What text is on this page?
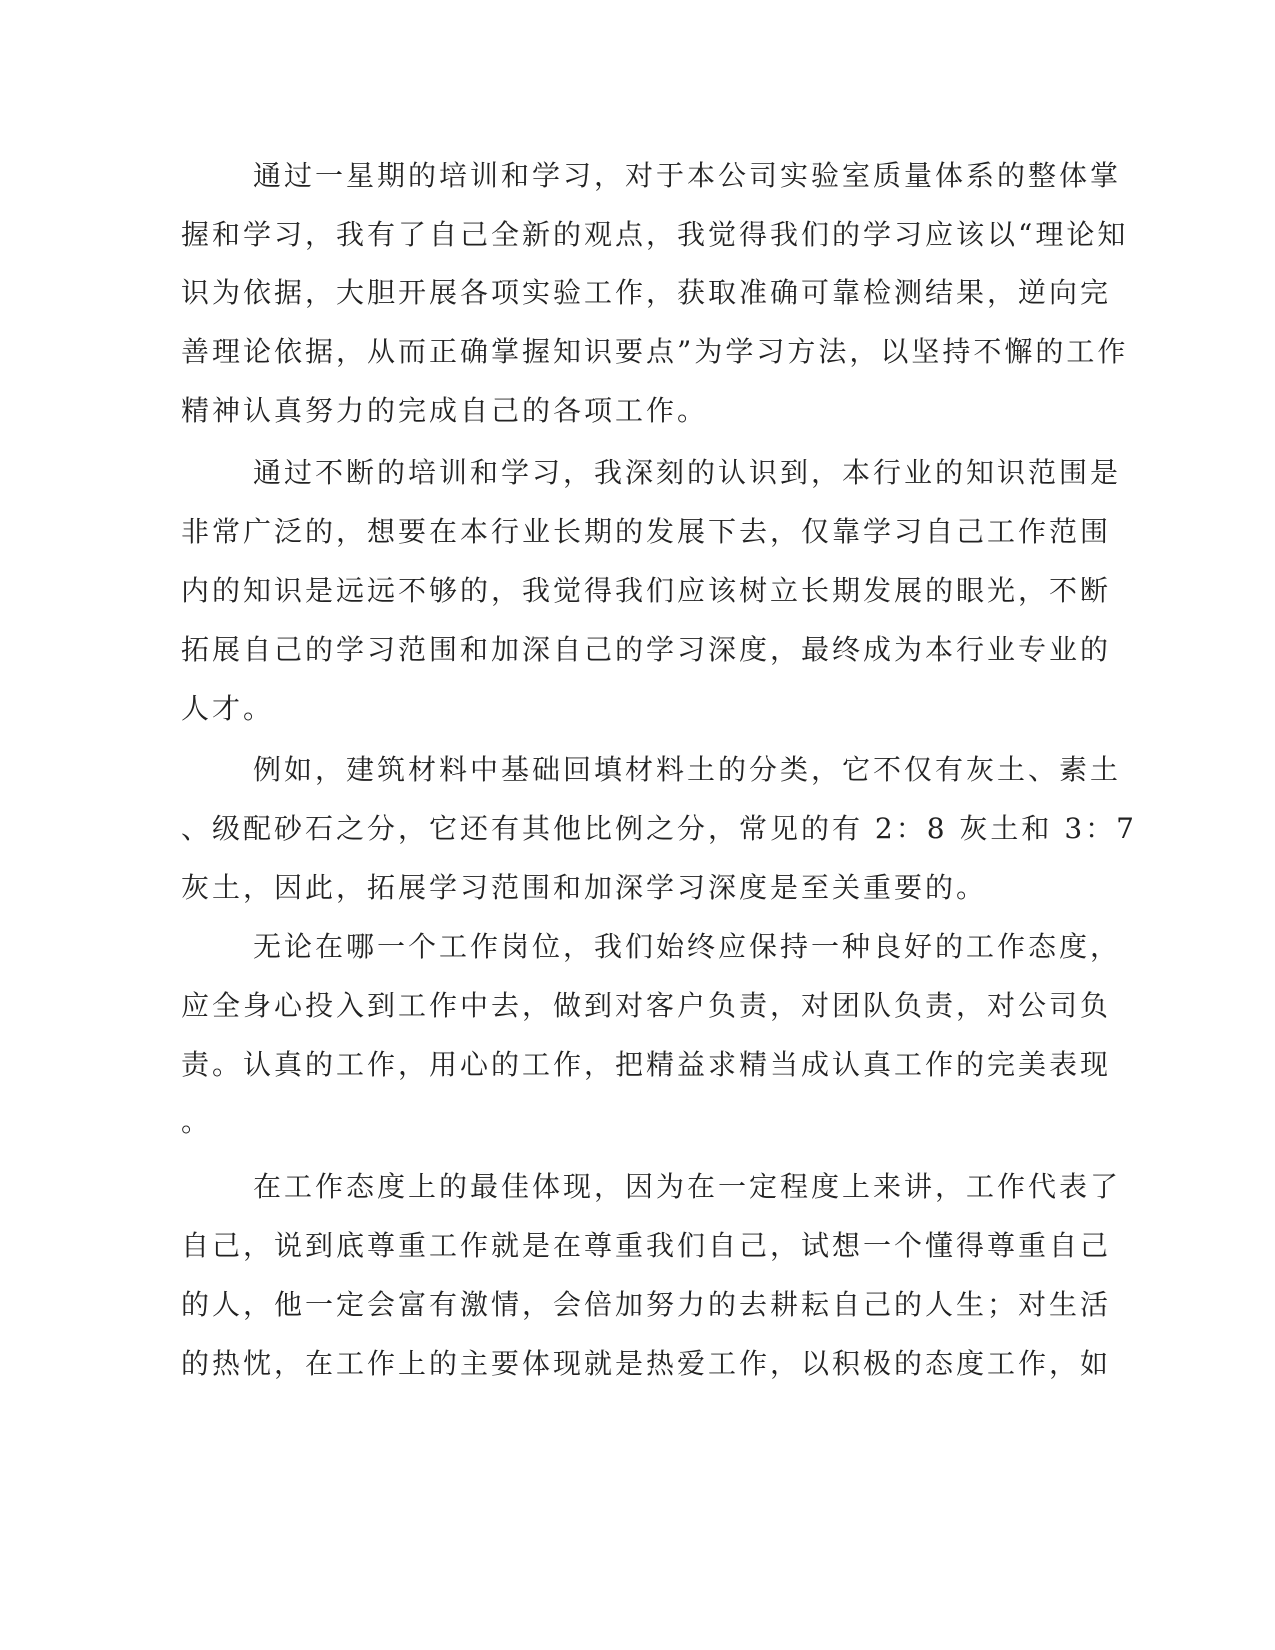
通过一星期的培训和学习，对于本公司实验室质量体系的整体掌
握和学习，我有了自己全新的观点，我觉得我们的学习应该以“理论知
识为依据，大胆开展各项实验工作，获取准确可靠检测结果，逆向完
善理论依据，从而正确掌握知识要点”为学习方法，以坚持不懈的工作
精神认真努力的完成自己的各项工作。
通过不断的培训和学习，我深刻的认识到，本行业的知识范围是
非常广泛的，想要在本行业长期的发展下去，仅靠学习自己工作范围
内的知识是远远不够的，我觉得我们应该树立长期发展的眼光，不断
拓展自己的学习范围和加深自己的学习深度，最终成为本行业专业的
人才。
例如，建筑材料中基础回填材料土的分类，它不仅有灰土、素土
、级配砂石之分，它还有其他比例之分，常见的有 2：8 灰土和 3：7
灰土，因此，拓展学习范围和加深学习深度是至关重要的。
无论在哪一个工作岗位，我们始终应保持一种良好的工作态度，
应全身心投入到工作中去，做到对客户负责，对团队负责，对公司负
责。认真的工作，用心的工作，把精益求精当成认真工作的完美表现
。
在工作态度上的最佳体现，因为在一定程度上来讲，工作代表了
自己，说到底尊重工作就是在尊重我们自己，试想一个懂得尊重自己
的人，他一定会富有激情，会倍加努力的去耕耘自己的人生；对生活
的热忱，在工作上的主要体现就是热爱工作，以积极的态度工作，如
